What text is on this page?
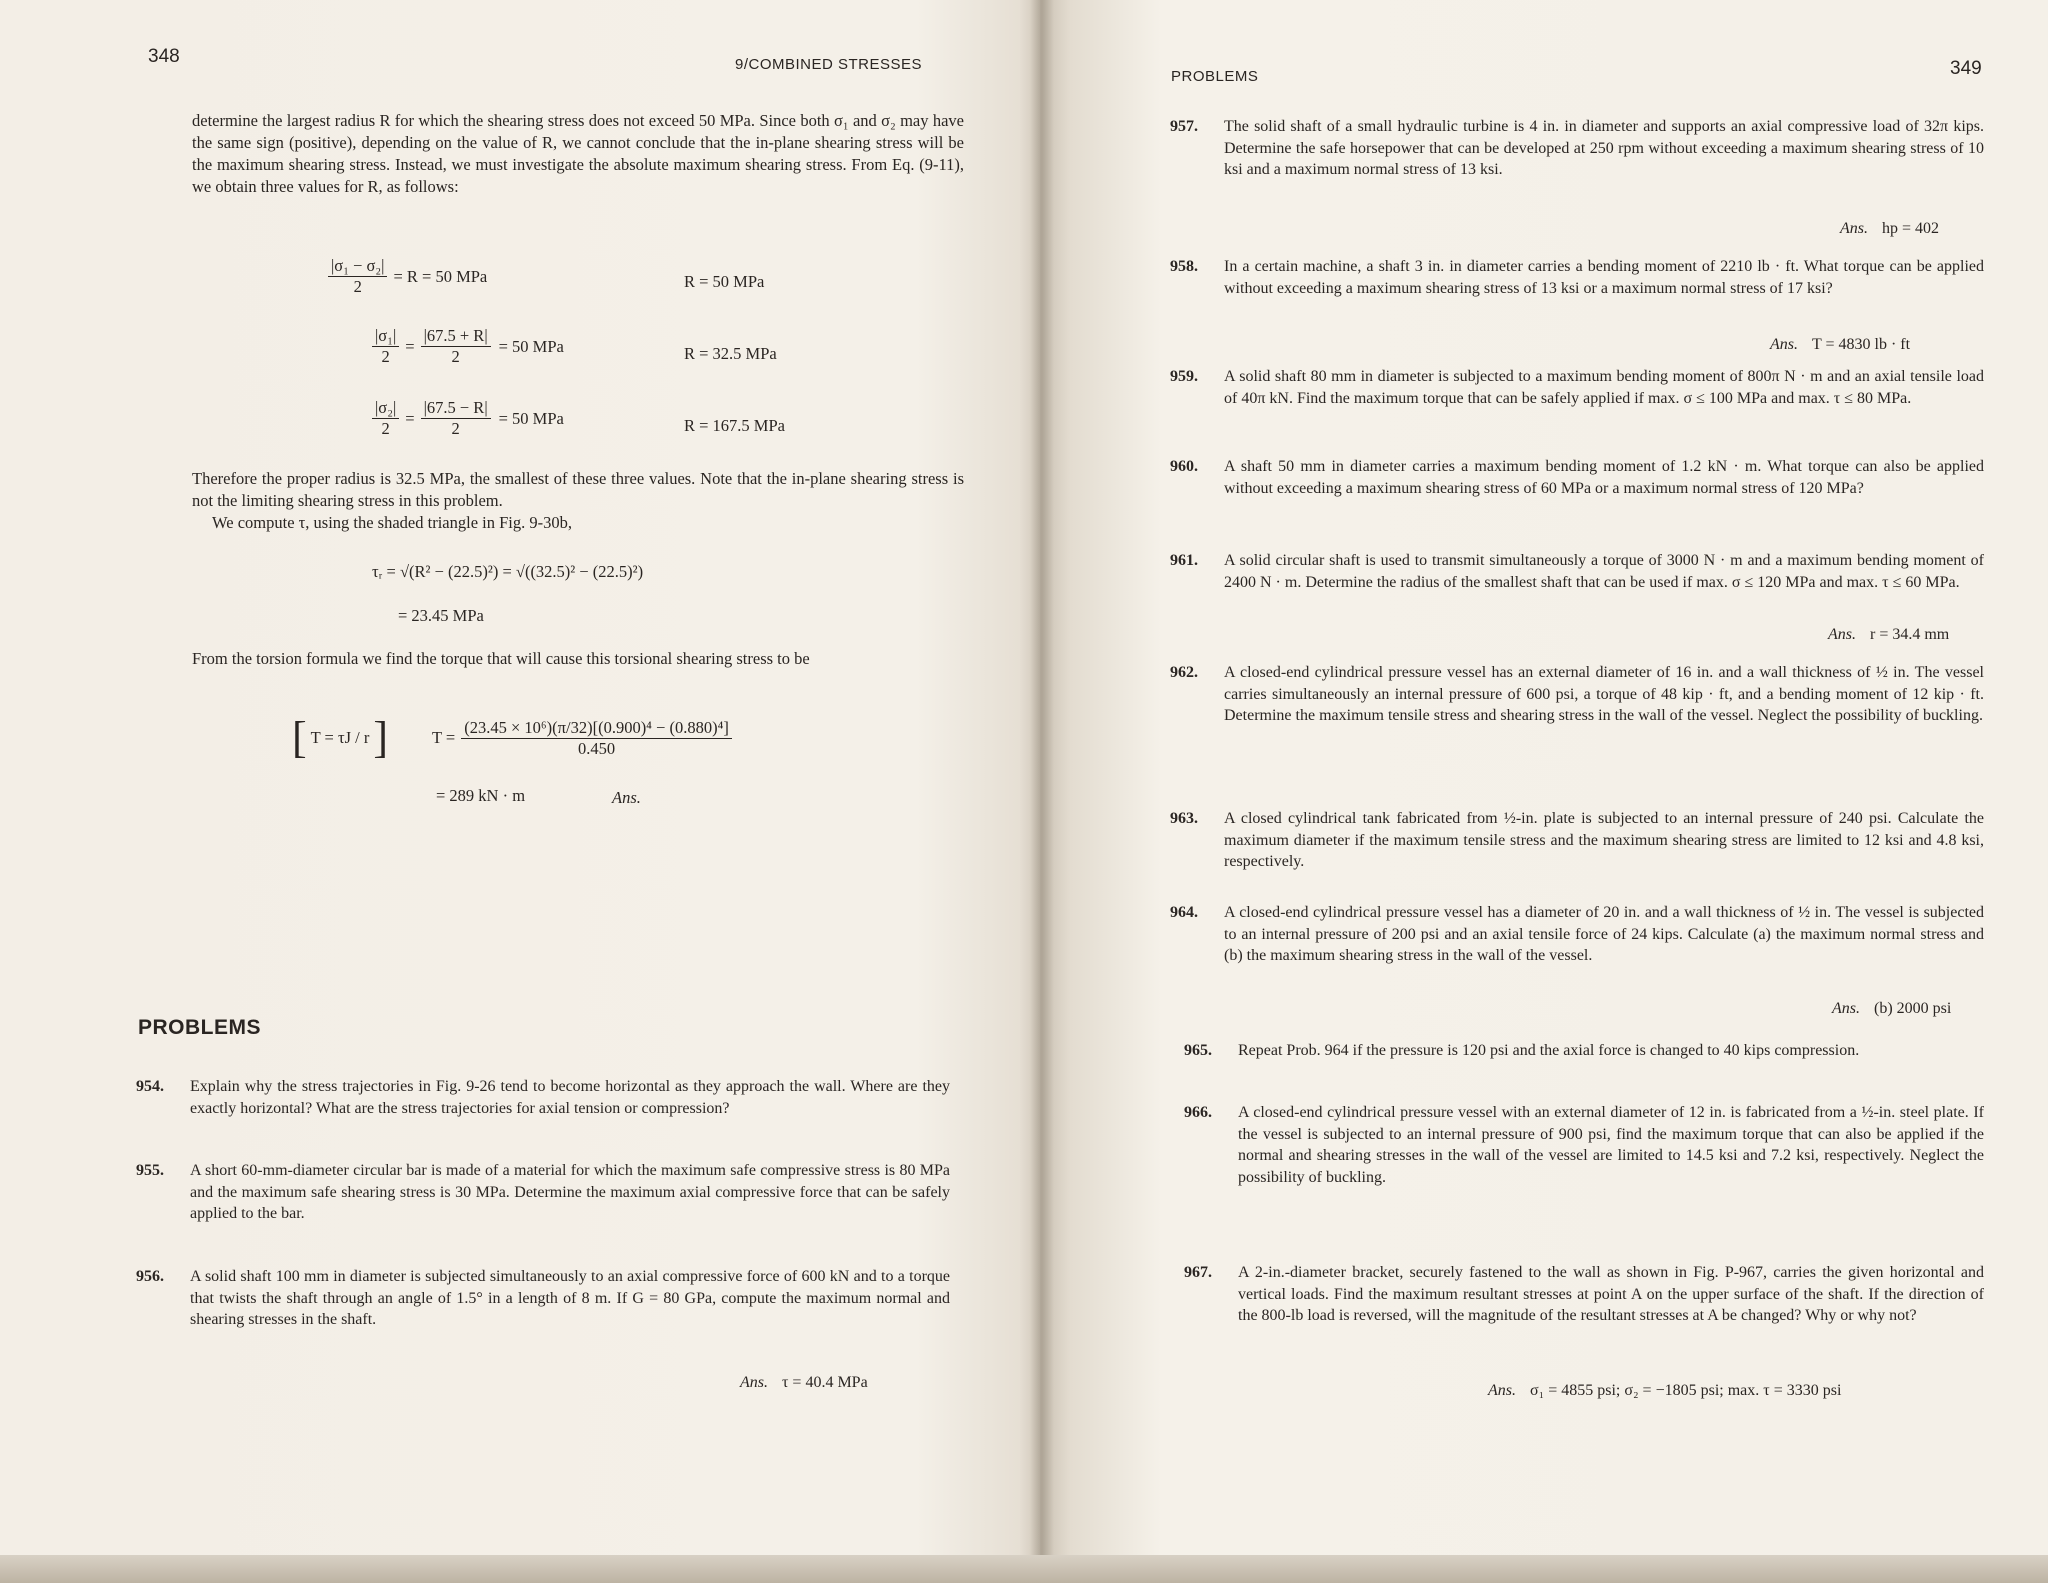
348	9/COMBINED STRESSES
determine the largest radius R for which the shearing stress does not exceed 50 MPa. Since both σ₁ and σ₂ may have the same sign (positive), depending on the value of R, we cannot conclude that the in-plane shearing stress will be the maximum shearing stress. Instead, we must investigate the absolute maximum shearing stress. From Eq. (9-11), we obtain three values for R, as follows:
$\frac{\text{|σ₁ − σ₂|}}{2} = R = 50$ MPa	R = 50 MPa
$\frac{\text{|σ₁|}}{2} = \frac{|67.5 + R|}{2} = 50$ MPa	R = 32.5 MPa
$\frac{\text{|σ₂|}}{2} = \frac{|67.5 - R|}{2} = 50$ MPa	R = 167.5 MPa
Therefore the proper radius is 32.5 MPa, the smallest of these three values. Note that the in-plane shearing stress is not the limiting shearing stress in this problem.
We compute τ, using the shaded triangle in Fig. 9-30b,
τᵣ = √(R² − (22.5)²) = √((32.5)² − (22.5)²)
= 23.45 MPa
From the torsion formula we find the torque that will cause this torsional shearing stress to be
[ T = τJ / r ]	$T = \frac{\text{(23.45 × 10⁶)(π/32)[(0.900)⁴ − (0.880)⁴]}}{0.450}$
= 289 kN · m	Ans.
PROBLEMS
954. Explain why the stress trajectories in Fig. 9-26 tend to become horizontal as they approach the wall. Where are they exactly horizontal? What are the stress trajectories for axial tension or compression?
955. A short 60-mm-diameter circular bar is made of a material for which the maximum safe compressive stress is 80 MPa and the maximum safe shearing stress is 30 MPa. Determine the maximum axial compressive force that can be safely applied to the bar.
956. A solid shaft 100 mm in diameter is subjected simultaneously to an axial compressive force of 600 kN and to a torque that twists the shaft through an angle of 1.5° in a length of 8 m. If G = 80 GPa, compute the maximum normal and shearing stresses in the shaft.
Ans. τ = 40.4 MPa
PROBLEMS	349
957. The solid shaft of a small hydraulic turbine is 4 in. in diameter and supports an axial compressive load of 32π kips. Determine the safe horsepower that can be developed at 250 rpm without exceeding a maximum shearing stress of 10 ksi and a maximum normal stress of 13 ksi.
Ans. hp = 402
958. In a certain machine, a shaft 3 in. in diameter carries a bending moment of 2210 lb · ft. What torque can be applied without exceeding a maximum shearing stress of 13 ksi or a maximum normal stress of 17 ksi?
Ans. T = 4830 lb · ft
959. A solid shaft 80 mm in diameter is subjected to a maximum bending moment of 800π N · m and an axial tensile load of 40π kN. Find the maximum torque that can be safely applied if max. σ ≤ 100 MPa and max. τ ≤ 80 MPa.
960. A shaft 50 mm in diameter carries a maximum bending moment of 1.2 kN · m. What torque can also be applied without exceeding a maximum shearing stress of 60 MPa or a maximum normal stress of 120 MPa?
961. A solid circular shaft is used to transmit simultaneously a torque of 3000 N · m and a maximum bending moment of 2400 N · m. Determine the radius of the smallest shaft that can be used if max. σ ≤ 120 MPa and max. τ ≤ 60 MPa.
Ans. r = 34.4 mm
962. A closed-end cylindrical pressure vessel has an external diameter of 16 in. and a wall thickness of ½ in. The vessel carries simultaneously an internal pressure of 600 psi, a torque of 48 kip · ft, and a bending moment of 12 kip · ft. Determine the maximum tensile stress and shearing stress in the wall of the vessel. Neglect the possibility of buckling.
963. A closed cylindrical tank fabricated from ½-in. plate is subjected to an internal pressure of 240 psi. Calculate the maximum diameter if the maximum tensile stress and the maximum shearing stress are limited to 12 ksi and 4.8 ksi, respectively.
964. A closed-end cylindrical pressure vessel has a diameter of 20 in. and a wall thickness of ½ in. The vessel is subjected to an internal pressure of 200 psi and an axial tensile force of 24 kips. Calculate (a) the maximum normal stress and (b) the maximum shearing stress in the wall of the vessel.
Ans. (b) 2000 psi
965. Repeat Prob. 964 if the pressure is 120 psi and the axial force is changed to 40 kips compression.
966. A closed-end cylindrical pressure vessel with an external diameter of 12 in. is fabricated from a ½-in. steel plate. If the vessel is subjected to an internal pressure of 900 psi, find the maximum torque that can also be applied if the normal and shearing stresses in the wall of the vessel are limited to 14.5 ksi and 7.2 ksi, respectively. Neglect the possibility of buckling.
967. A 2-in.-diameter bracket, securely fastened to the wall as shown in Fig. P-967, carries the given horizontal and vertical loads. Find the maximum resultant stresses at point A on the upper surface of the shaft. If the direction of the 800-lb load is reversed, will the magnitude of the resultant stresses at A be changed? Why or why not?
Ans. σ₁ = 4855 psi; σ₂ = −1805 psi; max. τ = 3330 psi
